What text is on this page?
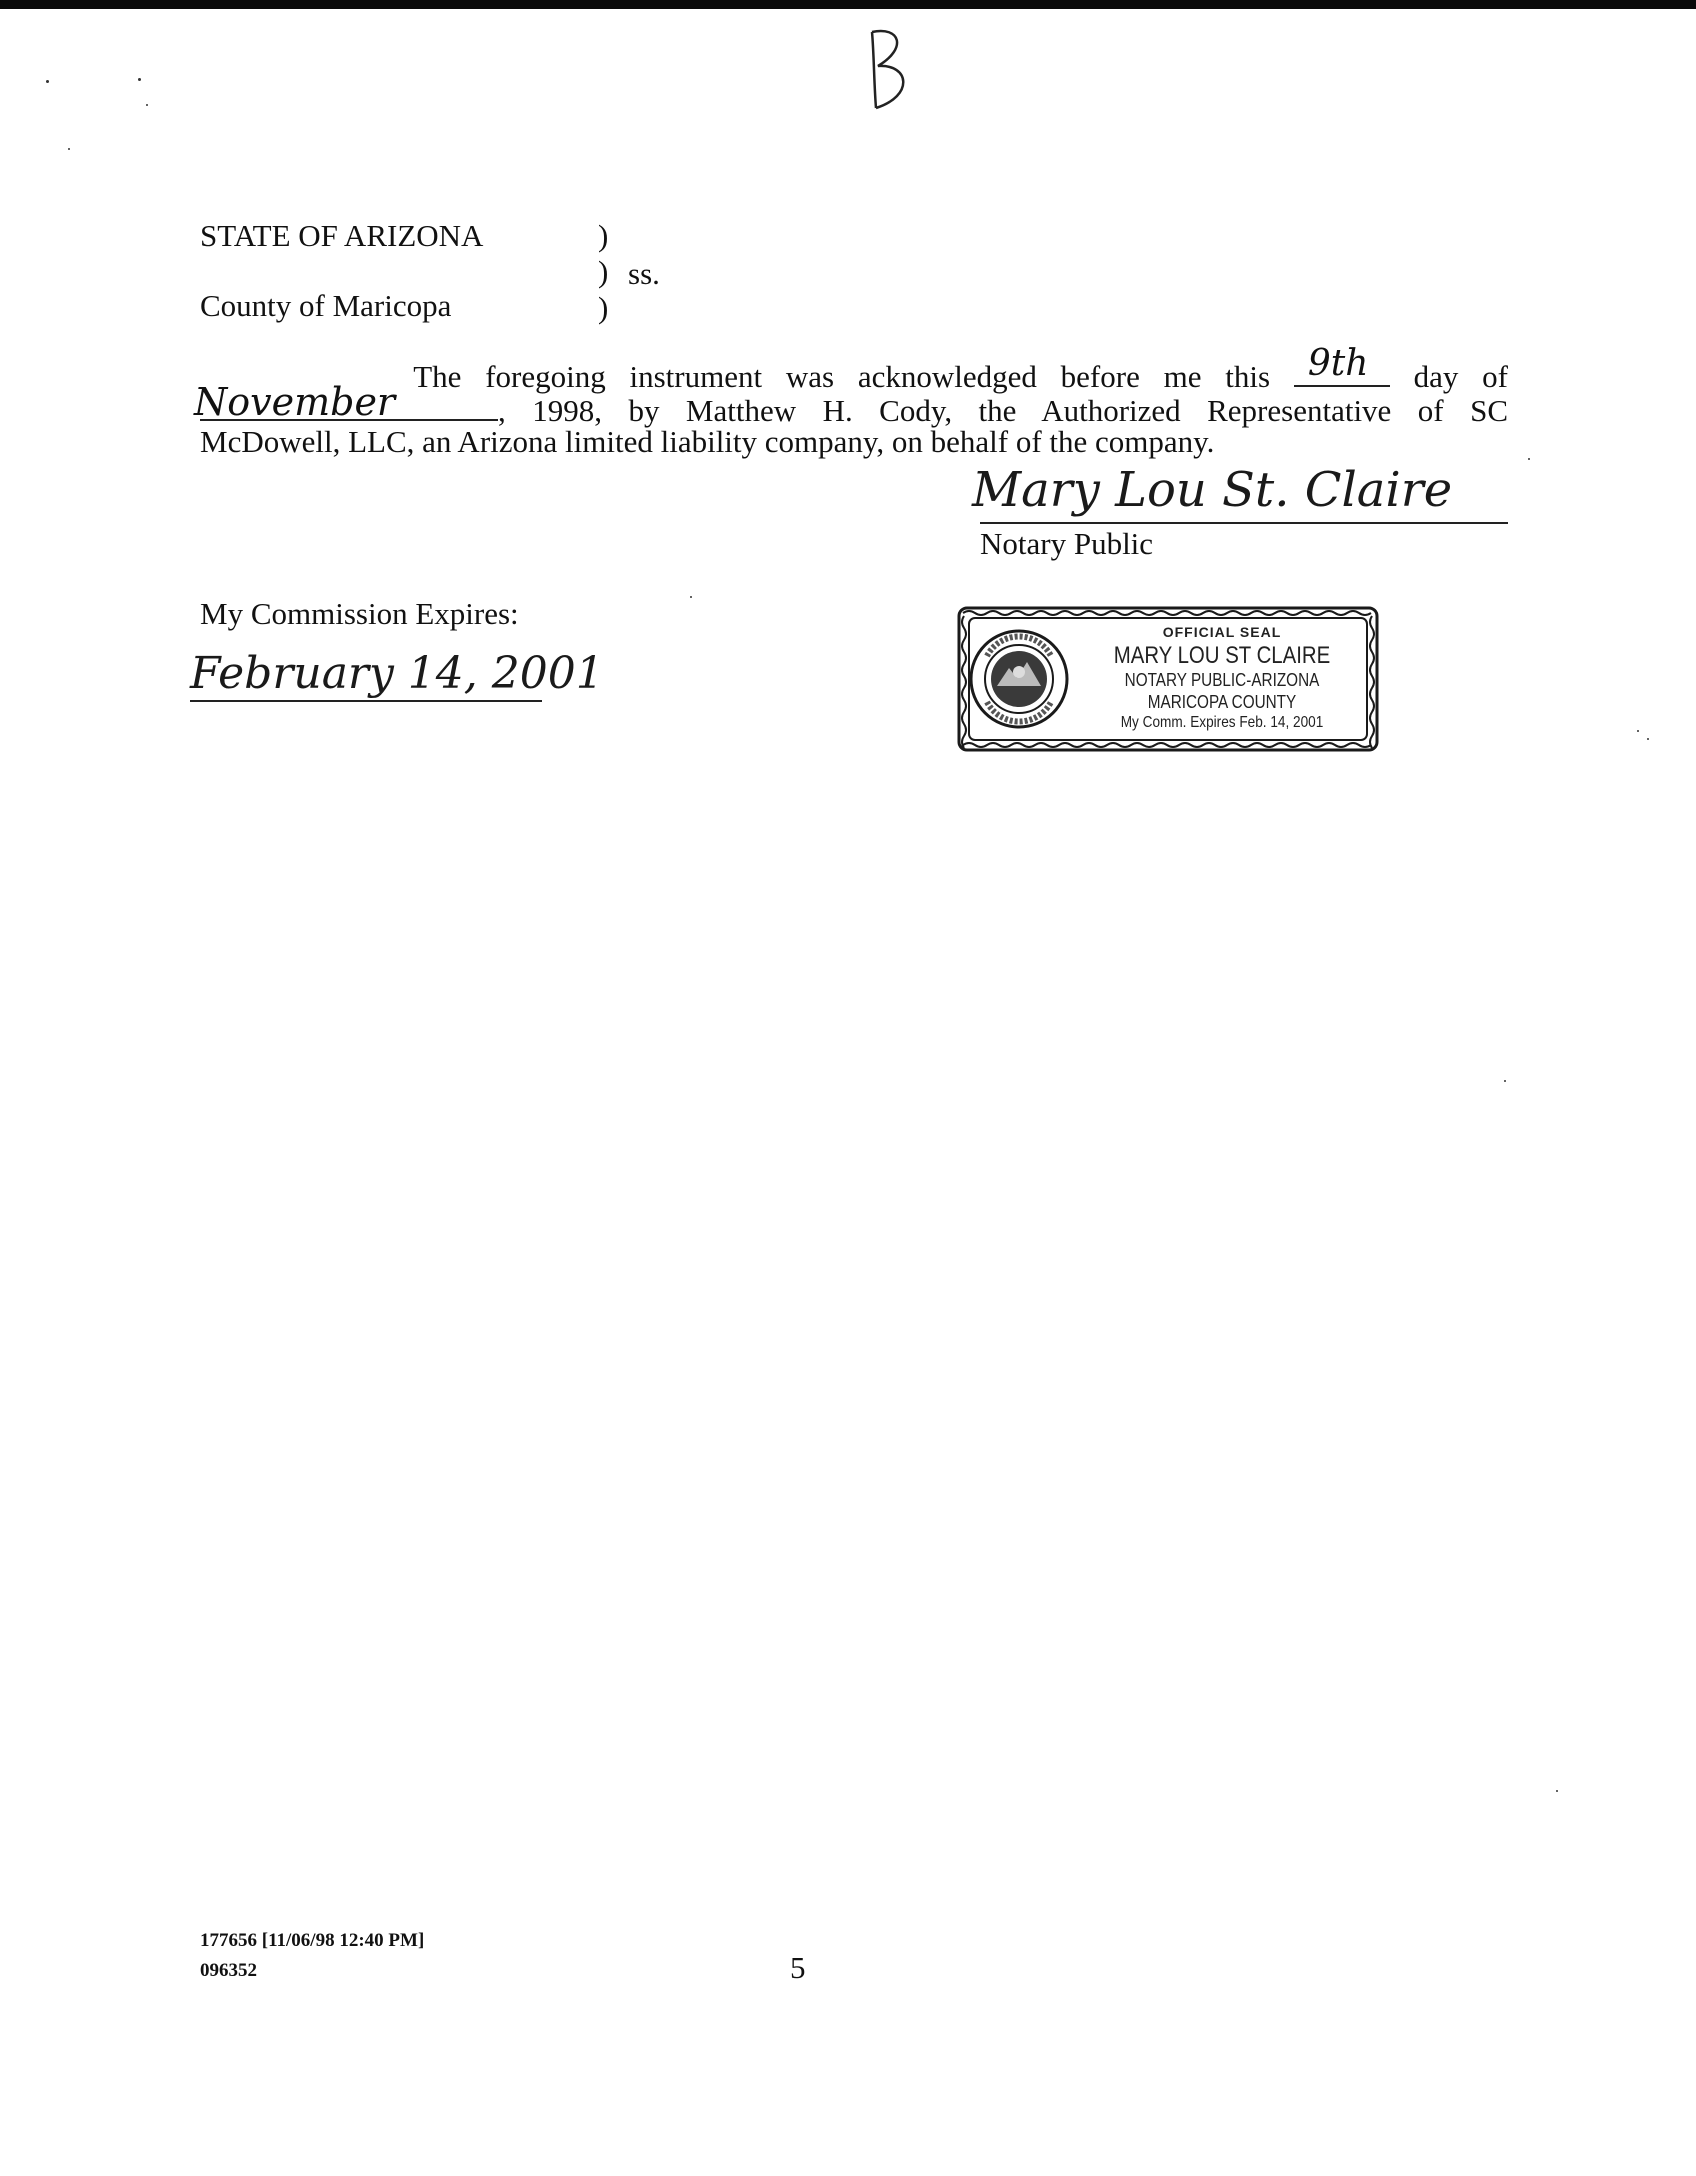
STATE OF ARIZONA
County of Maricopa
)
)
)
ss.
The foregoing instrument was acknowledged before me this 9th day of
November	, 1998, by Matthew H. Cody, the Authorized Representative of SC
McDowell, LLC, an Arizona limited liability company, on behalf of the company.
Mary Lou St. Claire
Notary Public
My Commission Expires:
February 14, 2001
OFFICIAL SEAL
MARY LOU ST CLAIRE
NOTARY PUBLIC-ARIZONA
MARICOPA COUNTY
My Comm. Expires Feb. 14, 2001
177656 [11/06/98 12:40 PM]
096352	5
